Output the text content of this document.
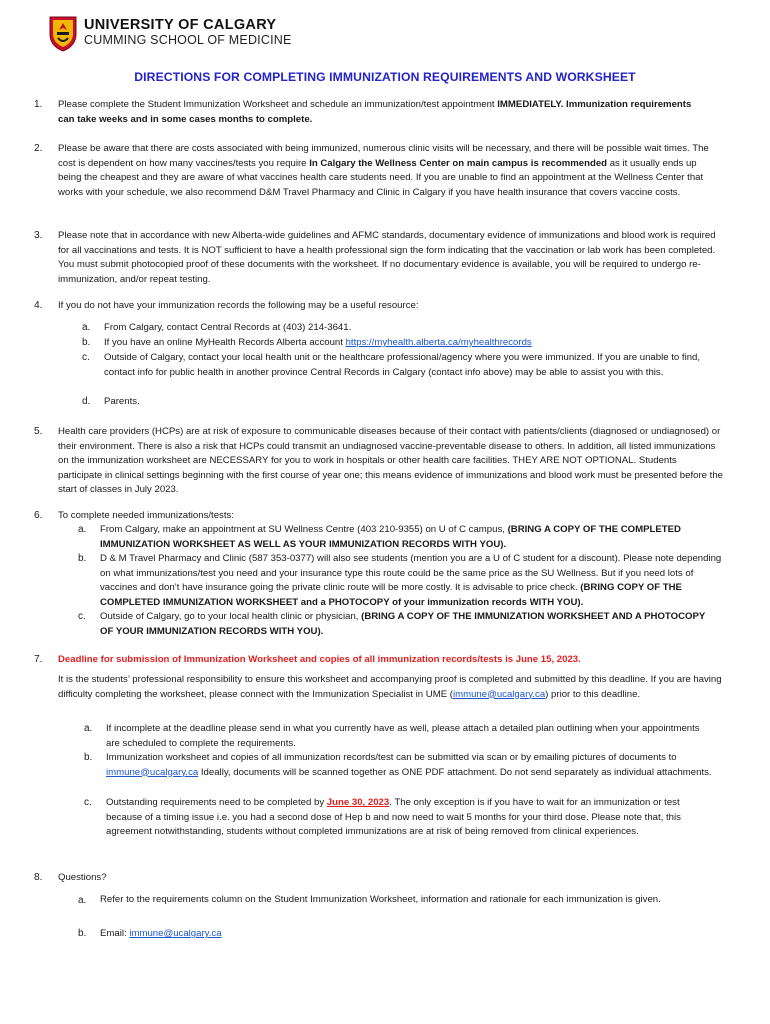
UNIVERSITY OF CALGARY
CUMMING SCHOOL OF MEDICINE
DIRECTIONS FOR COMPLETING IMMUNIZATION REQUIREMENTS AND WORKSHEET
1. Please complete the Student Immunization Worksheet and schedule an immunization/test appointment IMMEDIATELY. Immunization requirements can take weeks and in some cases months to complete.
2. Please be aware that there are costs associated with being immunized, numerous clinic visits will be necessary, and there will be possible wait times. The cost is dependent on how many vaccines/tests you require In Calgary the Wellness Center on main campus is recommended as it usually ends up being the cheapest and they are aware of what vaccines health care students need. If you are unable to find an appointment at the Wellness Center that works with your schedule, we also recommend D&M Travel Pharmacy and Clinic in Calgary if you have health insurance that covers vaccine costs.
3. Please note that in accordance with new Alberta-wide guidelines and AFMC standards, documentary evidence of immunizations and blood work is required for all vaccinations and tests. It is NOT sufficient to have a health professional sign the form indicating that the vaccination or lab work has been completed. You must submit photocopied proof of these documents with the worksheet. If no documentary evidence is available, you will be required to undergo re-immunization, and/or repeat testing.
4. If you do not have your immunization records the following may be a useful resource:
a. From Calgary, contact Central Records at (403) 214-3641.
b. If you have an online MyHealth Records Alberta account https://myhealth.alberta.ca/myhealthrecords
c. Outside of Calgary, contact your local health unit or the healthcare professional/agency where you were immunized. If you are unable to find, contact info for public health in another province Central Records in Calgary (contact info above) may be able to assist you with this.
d. Parents.
5. Health care providers (HCPs) are at risk of exposure to communicable diseases because of their contact with patients/clients (diagnosed or undiagnosed) or their environment. There is also a risk that HCPs could transmit an undiagnosed vaccine-preventable disease to others. In addition, all listed immunizations on the immunization worksheet are NECESSARY for you to work in hospitals or other health care facilities. THEY ARE NOT OPTIONAL. Students participate in clinical settings beginning with the first course of year one; this means evidence of immunizations and blood work must be presented before the start of classes in July 2023.
6. To complete needed immunizations/tests:
a. From Calgary, make an appointment at SU Wellness Centre (403 210-9355) on U of C campus, (BRING A COPY OF THE COMPLETED IMMUNIZATION WORKSHEET AS WELL AS YOUR IMMUNIZATION RECORDS WITH YOU).
b. D & M Travel Pharmacy and Clinic (587 353-0377) will also see students (mention you are a U of C student for a discount). Please note depending on what immunizations/test you need and your insurance type this route could be the same price as the SU Wellness. But if you need lots of vaccines and don’t have insurance going the private clinic route will be more costly. It is advisable to price check. (BRING COPY OF THE COMPLETED IMMUNIZATION WORKSHEET and a PHOTOCOPY of your immunization records WITH YOU).
c. Outside of Calgary, go to your local health clinic or physician, (BRING A COPY OF THE IMMUNIZATION WORKSHEET AND A PHOTOCOPY OF YOUR IMMUNIZATION RECORDS WITH YOU).
7. Deadline for submission of Immunization Worksheet and copies of all immunization records/tests is June 15, 2023.
It is the students’ professional responsibility to ensure this worksheet and accompanying proof is completed and submitted by this deadline. If you are having difficulty completing the worksheet, please connect with the Immunization Specialist in UME (immune@ucalgary.ca) prior to this deadline.
a. If incomplete at the deadline please send in what you currently have as well, please attach a detailed plan outlining when your appointments are scheduled to complete the requirements.
b. Immunization worksheet and copies of all immunization records/test can be submitted via scan or by emailing pictures of documents to immune@ucalgary.ca Ideally, documents will be scanned together as ONE PDF attachment. Do not send separately as individual attachments.
c. Outstanding requirements need to be completed by June 30, 2023. The only exception is if you have to wait for an immunization or test because of a timing issue i.e. you had a second dose of Hep b and now need to wait 5 months for your third dose. Please note that, this agreement notwithstanding, students without completed immunizations are at risk of being removed from clinical experiences.
8. Questions?
a. Refer to the requirements column on the Student Immunization Worksheet, information and rationale for each immunization is given.
b. Email: immune@ucalgary.ca
